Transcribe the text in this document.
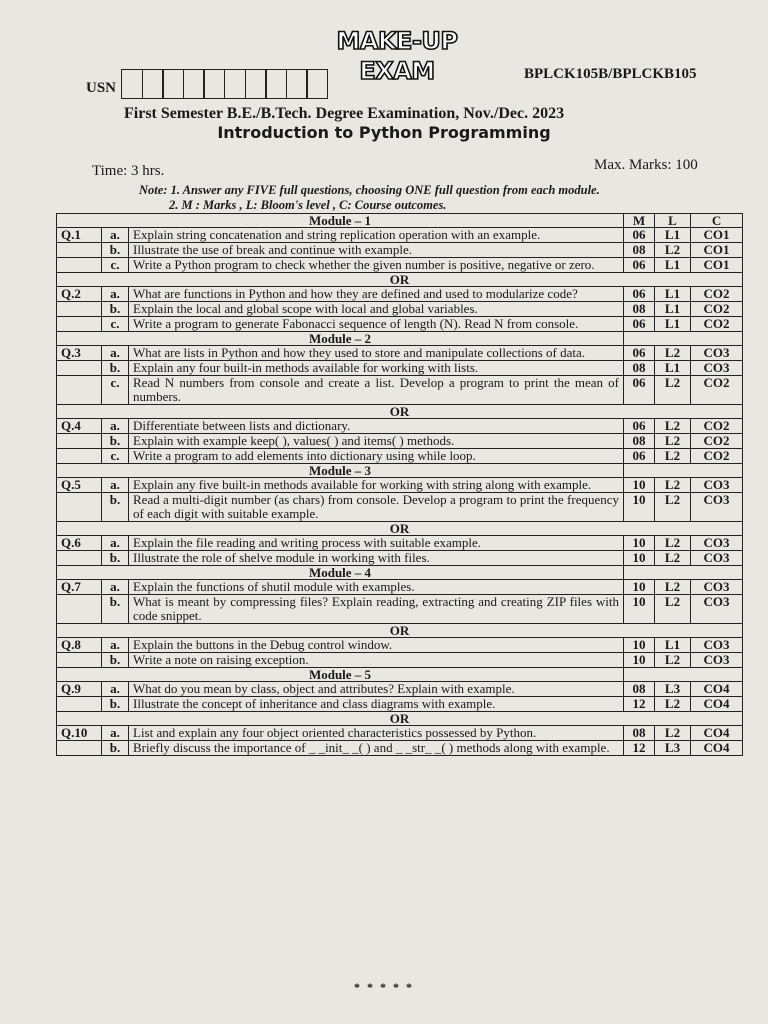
MAKE-UP EXAM
USN
BPLCK105B/BPLCKB105
First Semester B.E./B.Tech. Degree Examination, Nov./Dec. 2023
Introduction to Python Programming
Time: 3 hrs.	Max. Marks: 100
Note: 1. Answer any FIVE full questions, choosing ONE full question from each module.
2. M : Marks , L: Bloom's level , C: Course outcomes.
Module – 1			M	L	C
Q.1	a.	Explain string concatenation and string replication operation with an example.	06	L1	CO1
	b.	Illustrate the use of break and continue with example.	08	L2	CO1
	c.	Write a Python program to check whether the given number is positive, negative or zero.	06	L1	CO1
OR					
Q.2	a.	What are functions in Python and how they are defined and used to modularize code?	06	L1	CO2
	b.	Explain the local and global scope with local and global variables.	08	L1	CO2
	c.	Write a program to generate Fabonacci sequence of length (N). Read N from console.	06	L1	CO2
Module – 2					
Q.3	a.	What are lists in Python and how they used to store and manipulate collections of data.	06	L2	CO3
	b.	Explain any four built-in methods available for working with lists.	08	L1	CO3
	c.	Read N numbers from console and create a list. Develop a program to print the mean of numbers.	06	L2	CO2
OR					
Q.4	a.	Differentiate between lists and dictionary.	06	L2	CO2
	b.	Explain with example keep( ), values( ) and items( ) methods.	08	L2	CO2
	c.	Write a program to add elements into dictionary using while loop.	06	L2	CO2
Module – 3					
Q.5	a.	Explain any five built-in methods available for working with string along with example.	10	L2	CO3
	b.	Read a multi-digit number (as chars) from console. Develop a program to print the frequency of each digit with suitable example.	10	L2	CO3
OR					
Q.6	a.	Explain the file reading and writing process with suitable example.	10	L2	CO3
	b.	Illustrate the role of shelve module in working with files.	10	L2	CO3
Module – 4					
Q.7	a.	Explain the functions of shutil module with examples.	10	L2	CO3
	b.	What is meant by compressing files? Explain reading, extracting and creating ZIP files with code snippet.	10	L2	CO3
OR					
Q.8	a.	Explain the buttons in the Debug control window.	10	L1	CO3
	b.	Write a note on raising exception.	10	L2	CO3
Module – 5					
Q.9	a.	What do you mean by class, object and attributes? Explain with example.	08	L3	CO4
	b.	Illustrate the concept of inheritance and class diagrams with example.	12	L2	CO4
OR					
Q.10	a.	List and explain any four object oriented characteristics possessed by Python.	08	L2	CO4
	b.	Briefly discuss the importance of _ _init_ _( ) and _ _str_ _( ) methods along with example.	12	L3	CO4
* * * * *
